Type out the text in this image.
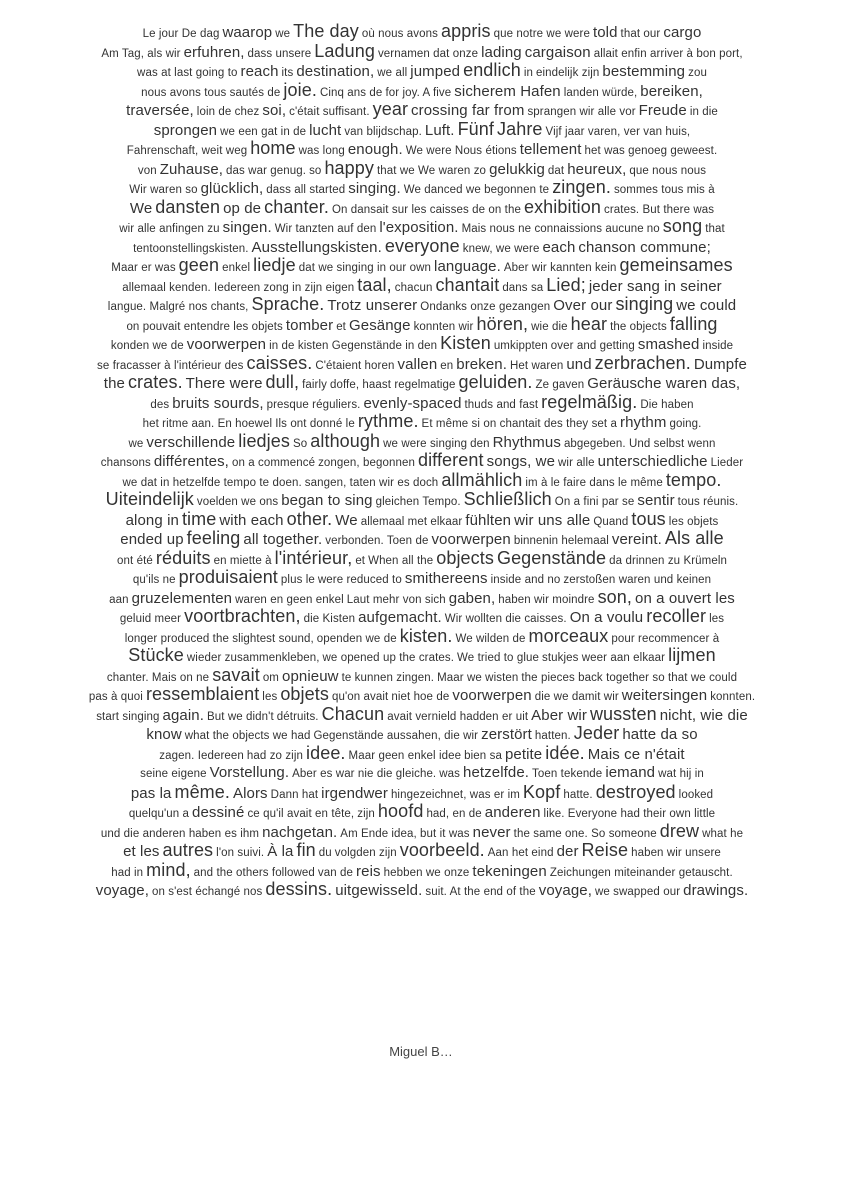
Le jour De dag waarop we The day où nous avons appris que notre we were told that our cargo
Am Tag, als wir erfuhren, dass unsere Ladung vernamen dat onze lading cargaison allait enfin arriver à bon port,
was at last going to reach its destination, we all jumped endlich in eindelijk zijn bestemming zou
nous avons tous sautés de joie. Cinq ans de for joy. A five sicherem Hafen landen würde, bereiken,
traversée, loin de chez soi, c'était suffisant. year crossing far from sprangen wir alle vor Freude in die
sprongen we een gat in de lucht van blijdschap. Luft. Fünf Jahre Vijf jaar varen, ver van huis,
Fahrenschaft, weit weg home was long enough. We were Nous étions tellement het was genoeg geweest.
von Zuhause, das war genug. so happy that we We waren zo gelukkig dat heureux, que nous nous
Wir waren so glücklich, dass all started singing. We danced we begonnen te zingen. sommes tous mis à
We dansten op de chanter. On dansait sur les caisses de on the exhibition crates. But there was
wir alle anfingen zu singen. Wir tanzten auf den l'exposition. Mais nous ne connaissions aucune no song that
tentoonstellingskisten. Ausstellungskisten. everyone knew, we were each chanson commune;
Maar er was geen enkel liedje dat we singing in our own language. Aber wir kannten kein gemeinsames
allemaal kenden. Iedereen zong in zijn eigen taal, chacun chantait dans sa Lied; jeder sang in seiner
langue. Malgré nos chants, Sprache. Trotz unserer Ondanks onze gezangen Over our singing we could
on pouvait entendre les objets tomber et Gesänge konnten wir hören, wie die hear the objects falling
konden we de voorwerpen in de kisten Gegenstände in den Kisten umkippten over and getting smashed inside
se fracasser à l'intérieur des caisses. C'étaient horen vallen en breken. Het waren und zerbrachen. Dumpfe
the crates. There were dull, fairly doffe, haast regelmatige geluiden. Ze gaven Geräusche waren das,
des bruits sourds, presque réguliers. evenly-spaced thuds and fast regelmäßig. Die haben
het ritme aan. En hoewel Ils ont donné le rythme. Et même si on chantait des they set a rhythm going.
we verschillende liedjes So although we were singing den Rhythmus abgegeben. Und selbst wenn
chansons différentes, on a commencé zongen, begonnen different songs, we wir alle unterschiedliche Lieder
we dat in hetzelfde tempo te doen. sangen, taten wir es doch allmählich im à le faire dans le même tempo.
Uiteindelijk voelden we ons began to sing gleichen Tempo. Schließlich On a fini par se sentir tous réunis.
along in time with each other. We allemaal met elkaar fühlten wir uns alle Quand tous les objets
ended up feeling all together. verbonden. Toen de voorwerpen binnenin helemaal vereint. Als alle
ont été réduits en miette à l'intérieur, et When all the objects Gegenstände da drinnen zu Krümeln
qu'ils ne produisaient plus le were reduced to smithereens inside and no zerstoßen waren und keinen
aan gruzelementen waren en geen enkel Laut mehr von sich gaben, haben wir moindre son, on a ouvert les
geluid meer voortbrachten, die Kisten aufgemacht. Wir wollten die caisses. On a voulu recoller les
longer produced the slightest sound, openden we de kisten. We wilden de morceaux pour recommencer à
Stücke wieder zusammenkleben, we opened up the crates. We tried to glue stukjes weer aan elkaar lijmen
chanter. Mais on ne savait om opnieuw te kunnen zingen. Maar we wisten the pieces back together so that we could
pas à quoi ressemblaient les objets qu'on avait niet hoe de voorwerpen die we damit wir weitersingen konnten.
start singing again. But we didn't détruits. Chacun avait vernield hadden er uit Aber wir wussten nicht, wie die
know what the objects we had Gegenstände aussahen, die wir zerstört hatten. Jeder hatte da so
zagen. Iedereen had zo zijn idee. Maar geen enkel idee bien sa petite idée. Mais ce n'était
seine eigene Vorstellung. Aber es war nie die gleiche. was hetzelfde. Toen tekende iemand wat hij in
pas la même. Alors Dann hat irgendwer hingezeichnet, was er im Kopf hatte. destroyed looked
quelqu'un a dessiné ce qu'il avait en tête, zijn hoofd had, en de anderen like. Everyone had their own little
und die anderen haben es ihm nachgetan. Am Ende idea, but it was never the same one. So someone drew what he
et les autres l'on suivi. À la fin du volgden zijn voorbeeld. Aan het eind der Reise haben wir unsere
had in mind, and the others followed van de reis hebben we onze tekeningen Zeichungen miteinander getauscht.
voyage, on s'est échangé nos dessins. uitgewisseld. suit. At the end of the voyage, we swapped our drawings.
Miguel B…
